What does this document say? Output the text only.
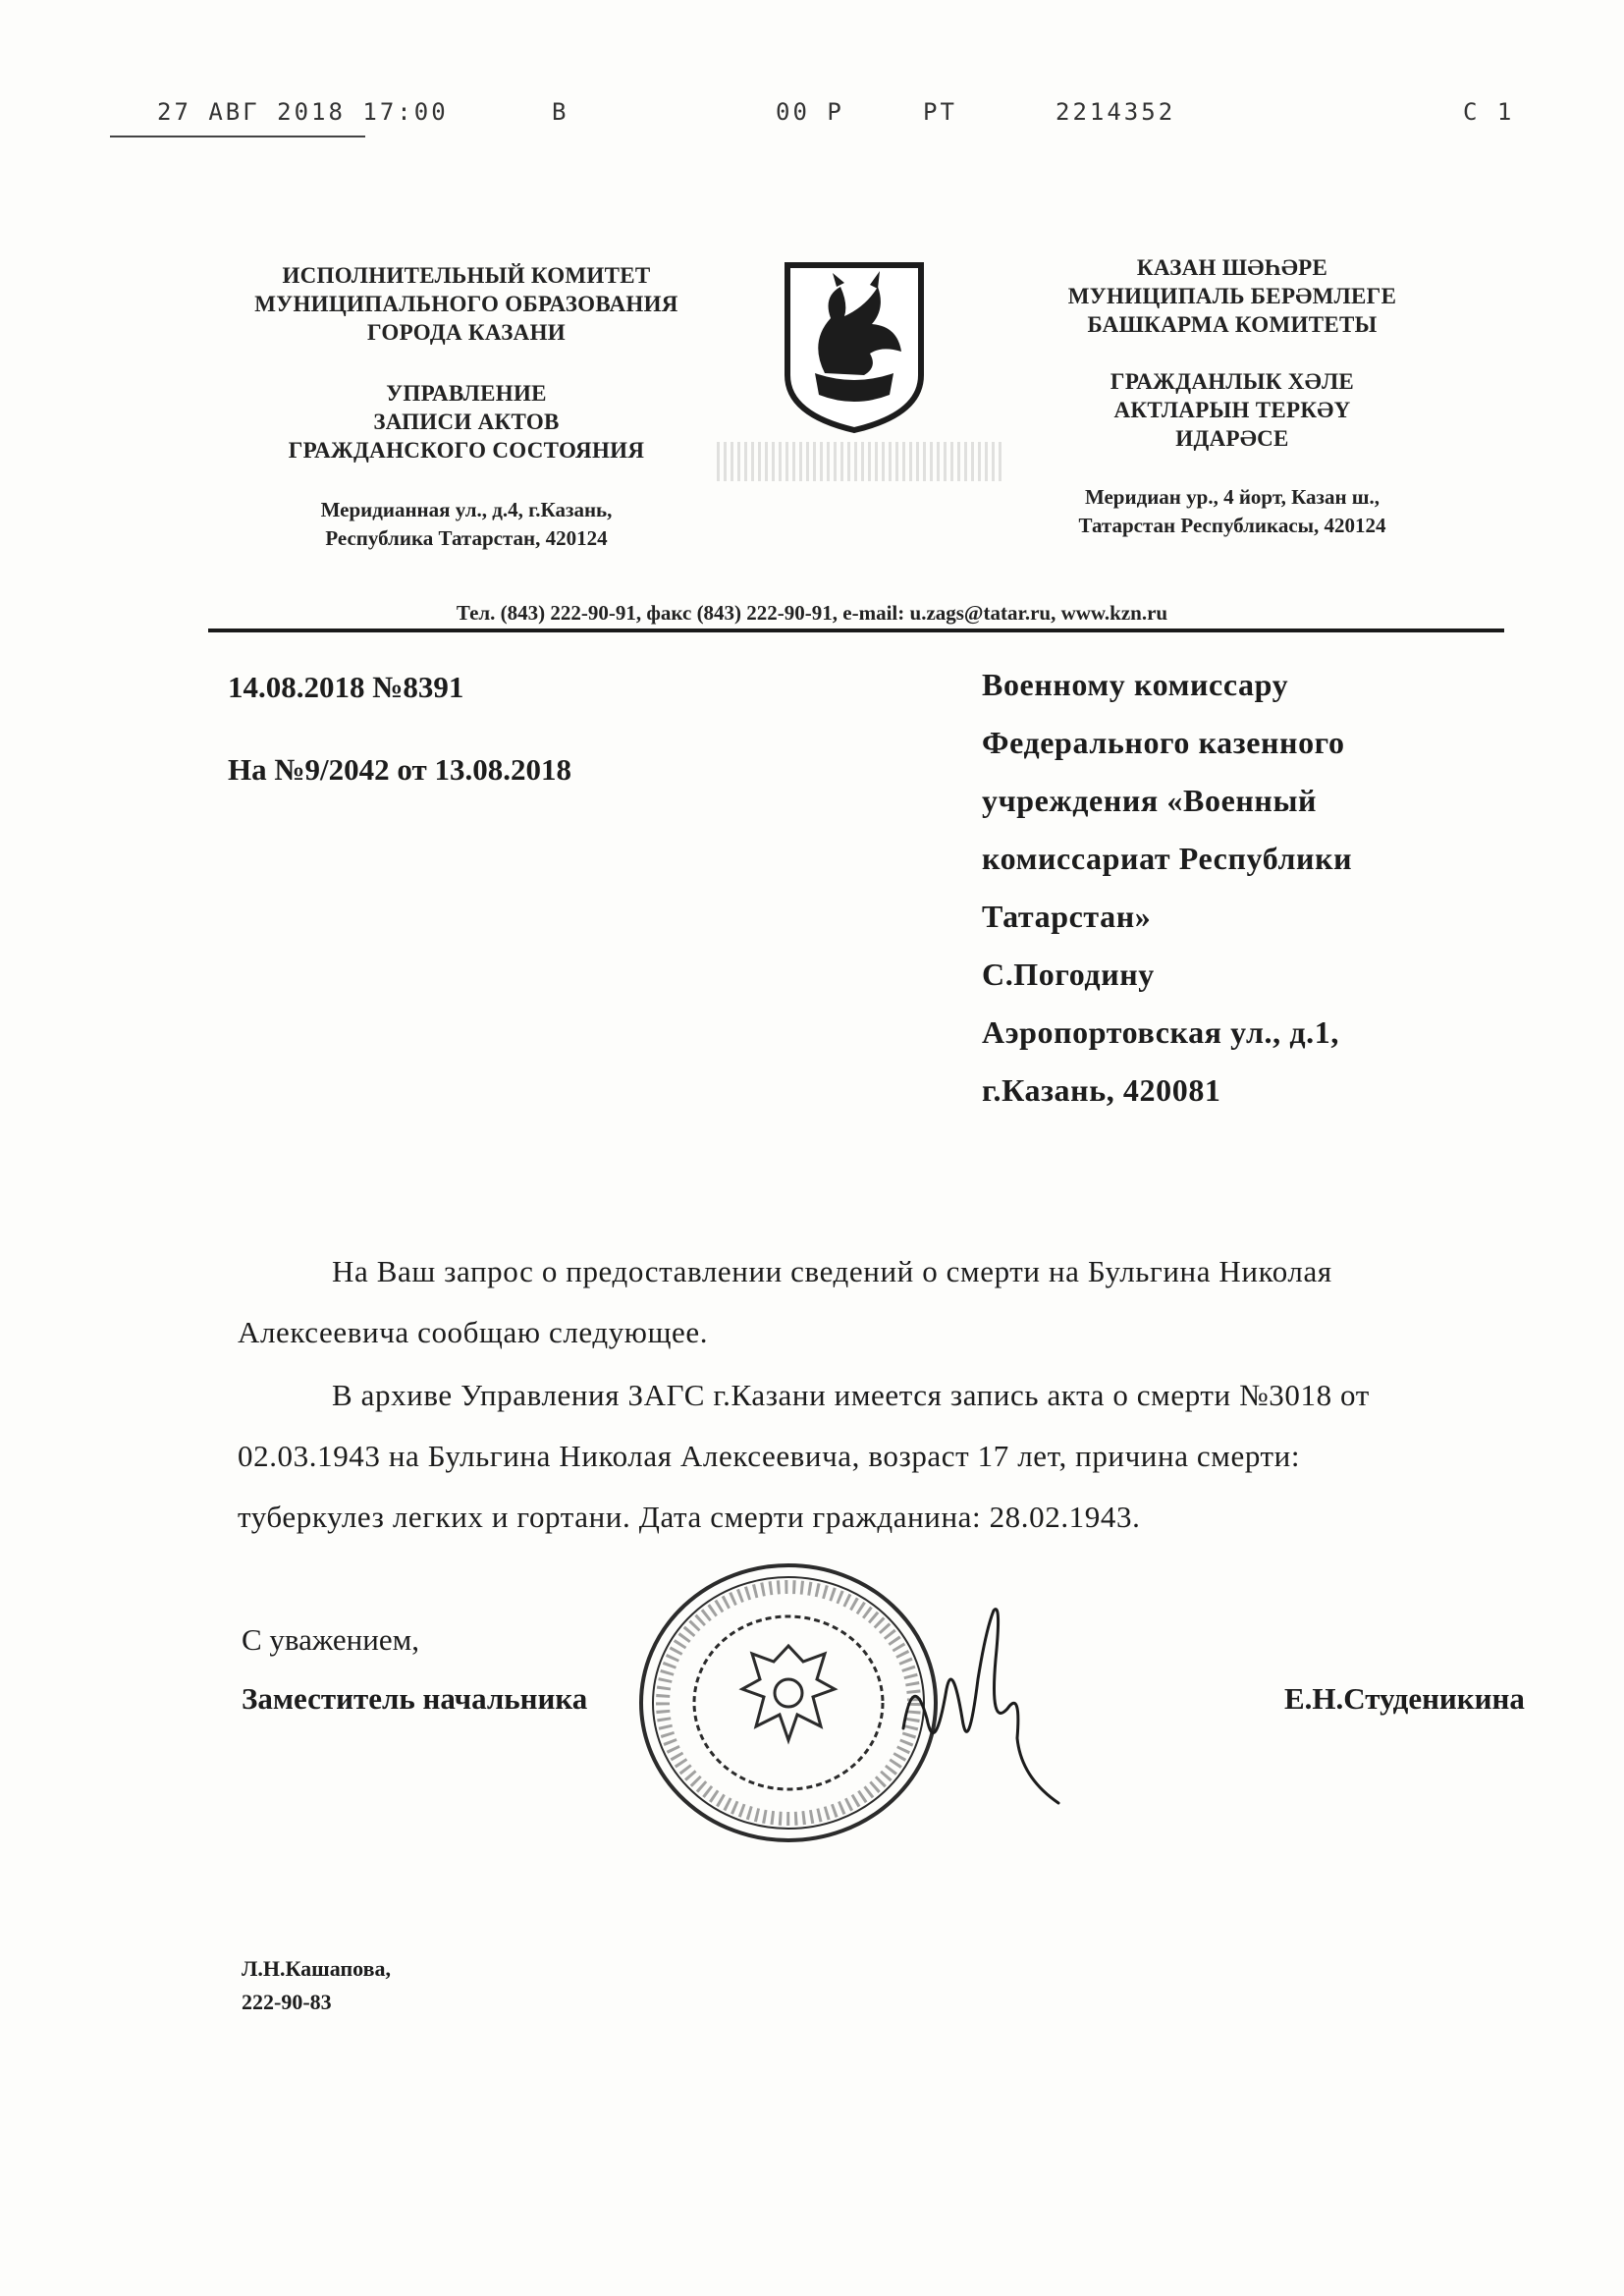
27 АВГ 2018 17:00	В	00 Р	РТ	2214352	С 1
ИСПОЛНИТЕЛЬНЫЙ КОМИТЕТ
МУНИЦИПАЛЬНОГО ОБРАЗОВАНИЯ
ГОРОДА КАЗАНИ
УПРАВЛЕНИЕ
ЗАПИСИ АКТОВ
ГРАЖДАНСКОГО СОСТОЯНИЯ
Меридианная ул., д.4, г.Казань,
Республика Татарстан, 420124
КАЗАН ШӘҺӘРЕ
МУНИЦИПАЛЬ БЕРӘМЛЕГЕ
БАШКАРМА КОМИТЕТЫ
ГРАЖДАНЛЫК ХӘЛЕ
АКТЛАРЫН ТЕРКӘҮ
ИДАРӘСЕ
Меридиан ур., 4 йорт, Казан ш.,
Татарстан Республикасы, 420124
Тел. (843) 222-90-91, факс (843) 222-90-91, e-mail: u.zags@tatar.ru, www.kzn.ru
14.08.2018 №8391
На №9/2042 от 13.08.2018
Военному комиссару
Федерального казенного
учреждения «Военный
комиссариат Республики
Татарстан»
С.Погодину
Аэропортовская ул., д.1,
г.Казань, 420081
На Ваш запрос о предоставлении сведений о смерти на Бульгина Николая
Алексеевича сообщаю следующее.
В архиве Управления ЗАГС г.Казани имеется запись акта о смерти №3018 от
02.03.1943 на Бульгина Николая Алексеевича, возраст 17 лет, причина смерти:
туберкулез легких и гортани. Дата смерти гражданина: 28.02.1943.
С уважением,
Заместитель начальника	Е.Н.Студеникина
Л.Н.Кашапова,
222-90-83
